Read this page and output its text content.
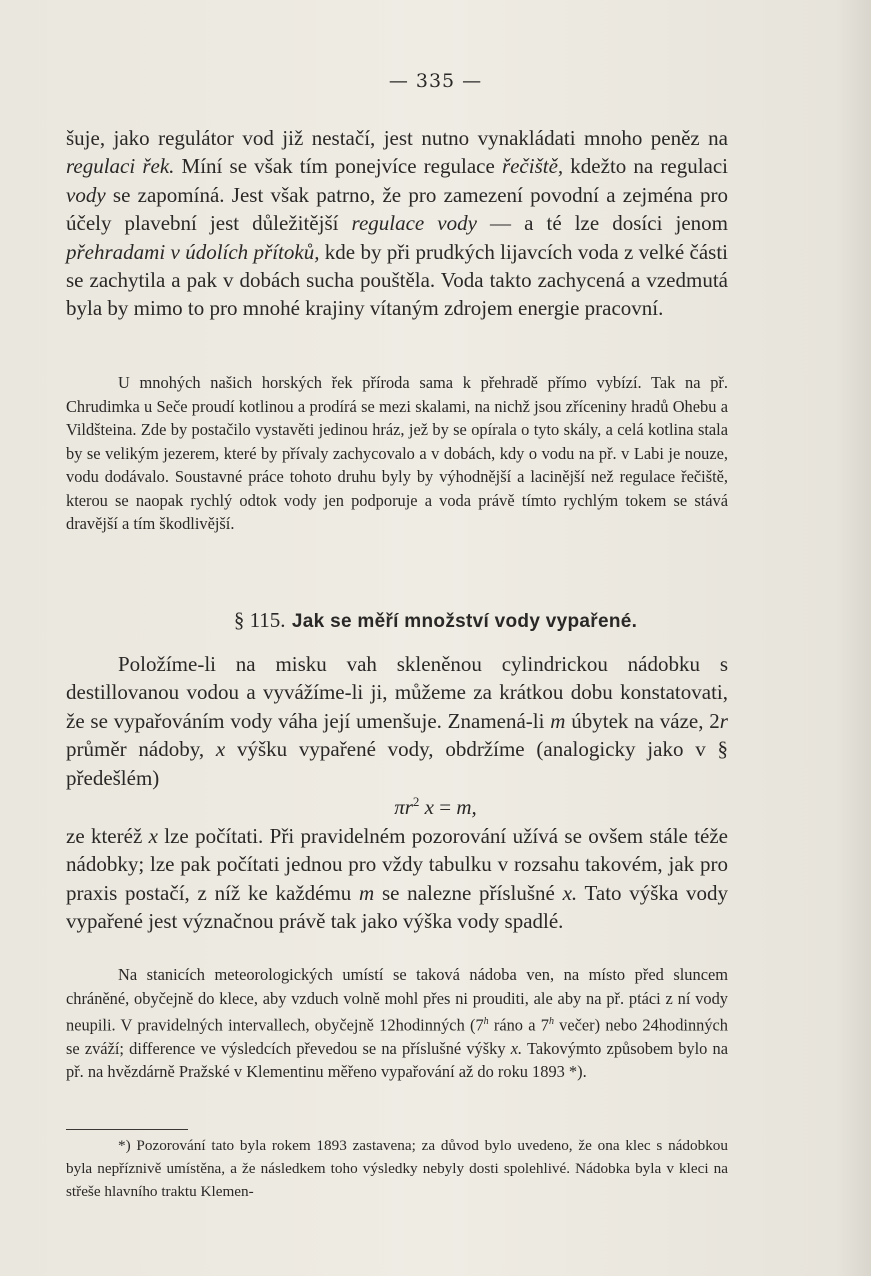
— 335 —

šuje, jako regulátor vod již nestačí, jest nutno vynakládati mnoho peněz na regulaci řek. Míní se však tím ponejvíce regulace řečiště, kdežto na regulaci vody se zapomíná. Jest však patrno, že pro zamezení povodní a zejména pro účely plavební jest důležitější regulace vody — a té lze dosíci jenom přehradami v údolích přítoků, kde by při prudkých lijavcích voda z velké části se zachytila a pak v dobách sucha pouštěla. Voda takto zachycená a vzedmutá byla by mimo to pro mnohé krajiny vítaným zdrojem energie pracovní.

U mnohých našich horských řek příroda sama k přehradě přímo vybízí. Tak na př. Chrudimka u Seče proudí kotlinou a prodírá se mezi skalami, na nichž jsou zříceniny hradů Ohebu a Vildšteina. Zde by postačilo vystavěti jedinou hráz, jež by se opírala o tyto skály, a celá kotlina stala by se velikým jezerem, které by přívaly zachycovalo a v dobách, kdy o vodu na př. v Labi je nouze, vodu dodávalo. Soustavné práce tohoto druhu byly by výhodnější a lacinější než regulace řečiště, kterou se naopak rychlý odtok vody jen podporuje a voda právě tímto rychlým tokem se stává dravější a tím škodlivější.

§ 115. Jak se měří množství vody vypařené.

Položíme-li na misku vah skleněnou cylindrickou nádobku s destillovanou vodou a vyvážíme-li ji, můžeme za krátkou dobu konstatovati, že se vypařováním vody váha její umenšuje. Znamená-li m úbytek na váze, 2r průměr nádoby, x výšku vypařené vody, obdržíme (analogicky jako v § předešlém)

$\pi r^2$ x = m,

ze kteréž x lze počítati. Při pravidelném pozorování užívá se ovšem stále téže nádobky; lze pak počítati jednou pro vždy tabulku v rozsahu takovém, jak pro praxis postačí, z níž ke každému m se nalezne příslušné x. Tato výška vody vypařené jest význačnou právě tak jako výška vody spadlé.

Na stanicích meteorologických umístí se taková nádoba ven, na místo před sluncem chráněné, obyčejně do klece, aby vzduch volně mohl přes ni prouditi, ale aby na př. ptáci z ní vody neupili. V pravidelných intervallech, obyčejně 12hodinných (7$^h$ ráno a 7$^h$ večer) nebo 24hodinných se zváží; difference ve výsledcích převedou se na příslušné výšky x. Takovýmto způsobem bylo na př. na hvězdárně Pražské v Klementinu měřeno vypařování až do roku 1893 *).

*) Pozorování tato byla rokem 1893 zastavena; za důvod bylo uvedeno, že ona klec s nádobkou byla nepříznivě umístěna, a že následkem toho výsledky nebyly dosti spolehlivé. Nádobka byla v kleci na střeše hlavního traktu Klemen-
